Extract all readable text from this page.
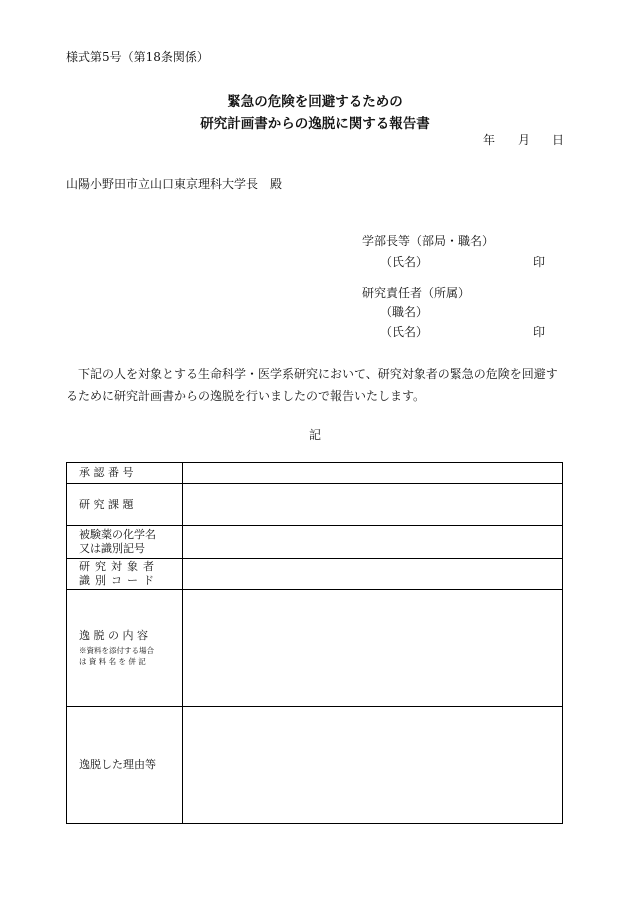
様式第5号（第18条関係）
緊急の危険を回避するための
研究計画書からの逸脱に関する報告書
年 月 日
山陽小野田市立山口東京理科大学長　殿
学部長等（部局・職名）
（氏名）	印
研究責任者（所属）
（職名）
（氏名）	印
下記の人を対象とする生命科学・医学系研究において、研究対象者の緊急の危険を回避するために研究計画書からの逸脱を行いましたので報告いたします。
記
承 認 番 号	
研 究 課 題	

被験薬の化学名
又は識別記号	

研究対象者
識別コード	

逸 脱 の 内 容
※資料を添付する場合
は 資 料 名 を 併 記	

逸脱した理由等	
